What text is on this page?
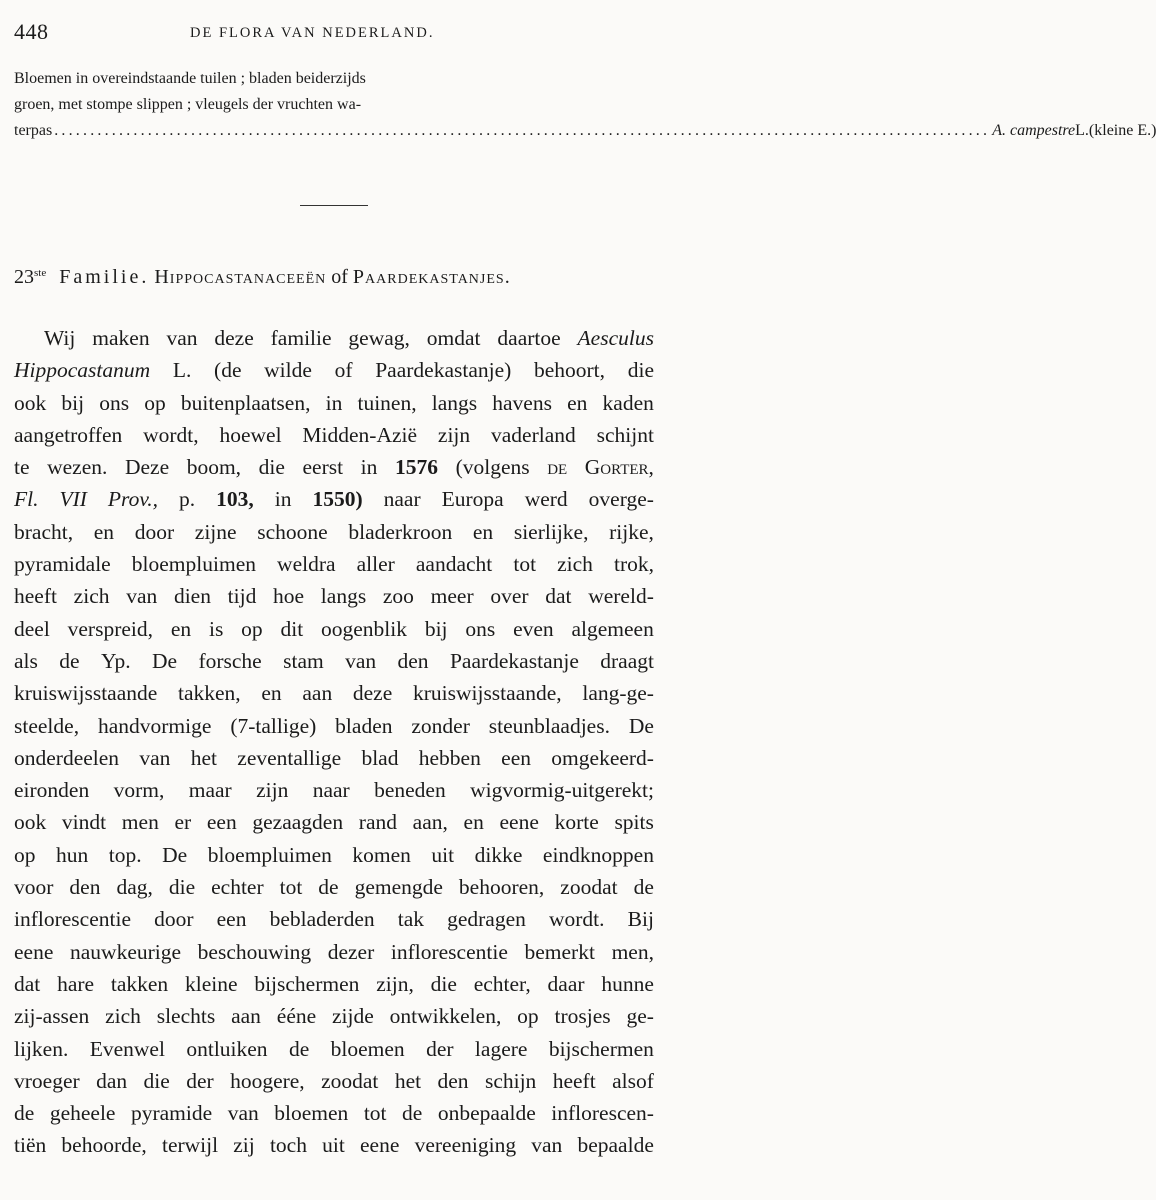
448	DE FLORA VAN NEDERLAND.
Bloemen in overeindstaande tuilen ; bladen beiderzijds
groen, met stompe slippen ; vleugels der vruchten wa-
terpas .................................................................................................................................. A. campestre L.(kleine E.)
23ste Familie. Hippocastanaceeën of Paardekastanjes.
Wij maken van deze familie gewag, omdat daartoe Aesculus
Hippocastanum L. (de wilde of Paardekastanje) behoort, die
ook bij ons op buitenplaatsen, in tuinen, langs havens en kaden
aangetroffen wordt, hoewel Midden-Azië zijn vaderland schijnt
te wezen. Deze boom, die eerst in 1576 (volgens de Gorter,
Fl. VII Prov., p. 103, in 1550) naar Europa werd overge-
bracht, en door zijne schoone bladerkroon en sierlijke, rijke,
pyramidale bloempluimen weldra aller aandacht tot zich trok,
heeft zich van dien tijd hoe langs zoo meer over dat wereld-
deel verspreid, en is op dit oogenblik bij ons even algemeen
als de Yp. De forsche stam van den Paardekastanje draagt
kruiswijsstaande takken, en aan deze kruiswijsstaande, lang-ge-
steelde, handvormige (7-tallige) bladen zonder steunblaadjes. De
onderdeelen van het zeventallige blad hebben een omgekeerd-
eironden vorm, maar zijn naar beneden wigvormig-uitgerekt;
ook vindt men er een gezaagden rand aan, en eene korte spits
op hun top. De bloempluimen komen uit dikke eindknoppen
voor den dag, die echter tot de gemengde behooren, zoodat de
inflorescentie door een bebladerden tak gedragen wordt. Bij
eene nauwkeurige beschouwing dezer inflorescentie bemerkt men,
dat hare takken kleine bijschermen zijn, die echter, daar hunne
zij-assen zich slechts aan ééne zijde ontwikkelen, op trosjes ge-
lijken. Evenwel ontluiken de bloemen der lagere bijschermen
vroeger dan die der hoogere, zoodat het den schijn heeft alsof
de geheele pyramide van bloemen tot de onbepaalde inflorescen-
tiën behoorde, terwijl zij toch uit eene vereeniging van bepaalde
